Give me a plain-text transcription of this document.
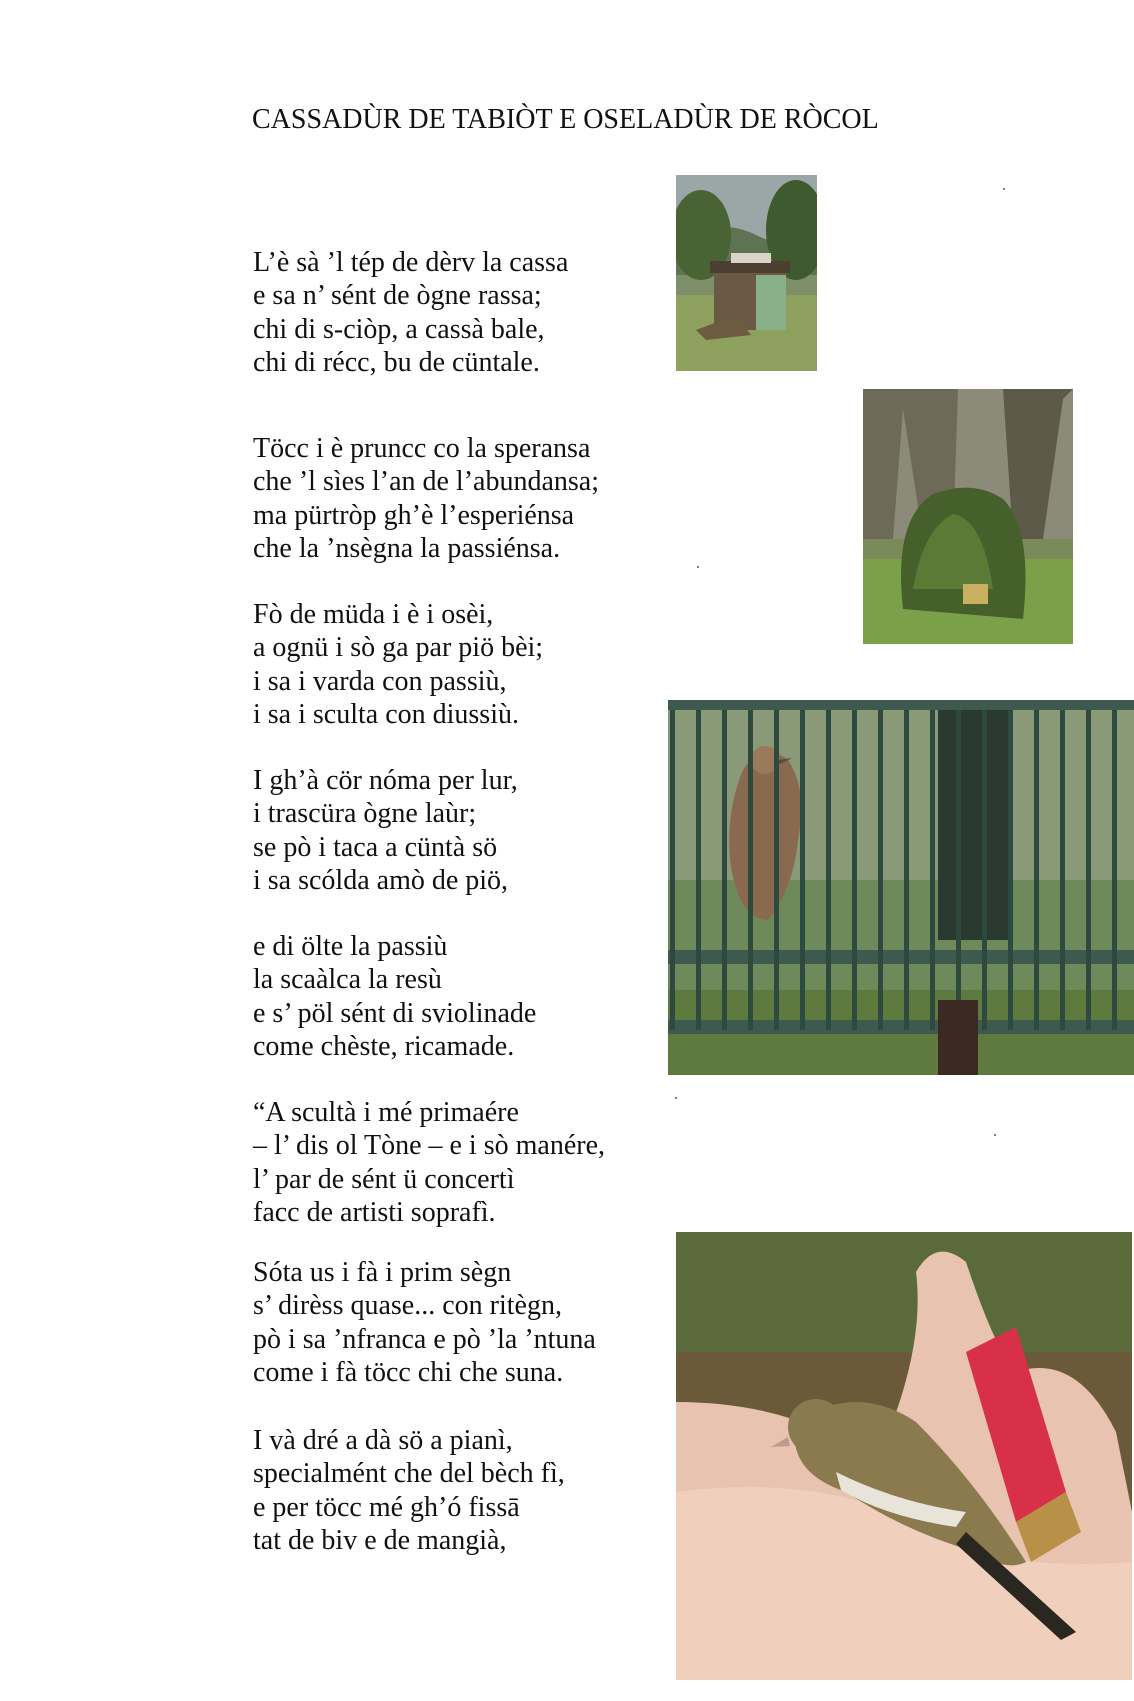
CASSADÙR DE TABIÒT E OSELADÙR DE RÒCOL
L’è sà ’l tép de dèrv la cassa
e sa n’ sént de ògne rassa;
chi di s-ciòp, a cassà bale,
chi di récc, bu de cüntale.
Töcc i è pruncc co la speransa
che ’l sìes l’an de l’abundansa;
ma pürtròp gh’è l’esperiénsa
che la ’nsègna la passiénsa.
Fò de müda i è i osèi,
a ognü i sò ga par piö bèi;
i sa i varda con passiù,
i sa i sculta con diussiù.
I gh’à cör nóma per lur,
i trascüra ògne laùr;
se pò i taca a cüntà sö
i sa scólda amò de piö,
e di ölte la passiù
la scaàlca la resù
e s’ pöl sént di sviolinade
come chèste, ricamade.
“A scultà i mé primaére
– l’ dis ol Tòne – e i sò manére,
l’ par de sént ü concertì
facc de artisti soprafì.
Sóta us i fà i prim sègn
s’ dirèss quase... con ritègn,
pò i sa ’nfranca e pò ’la ’ntuna
come i fà töcc chi che suna.
I và dré a dà sö a pianì,
specialmént che del bèch fì,
e per töcc mé gh’ó fissā
tat de biv e de mangià,
